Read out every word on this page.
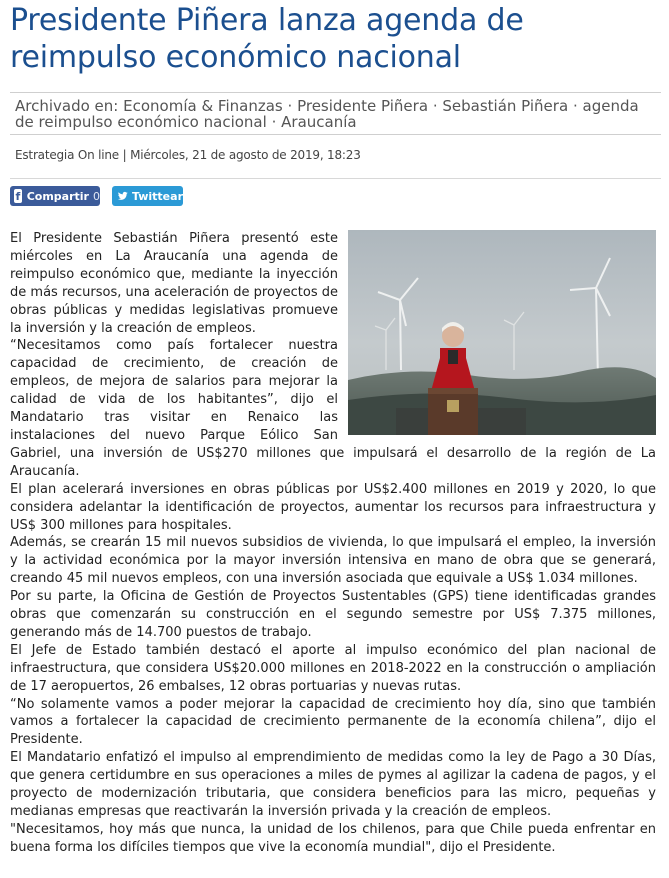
Presidente Piñera lanza agenda de reimpulso económico nacional
Archivado en: Economía & Finanzas · Presidente Piñera · Sebastián Piñera · agenda de reimpulso económico nacional · Araucanía
Estrategia On line | Miércoles, 21 de agosto de 2019, 18:23
f Compartir 0	Twittear

El Presidente Sebastián Piñera presentó este miércoles en La Araucanía una agenda de reimpulso económico que, mediante la inyección de más recursos, una aceleración de proyectos de obras públicas y medidas legislativas promueve la inversión y la creación de empleos.

“Necesitamos como país fortalecer nuestra capacidad de crecimiento, de creación de empleos, de mejora de salarios para mejorar la calidad de vida de los habitantes”, dijo el Mandatario tras visitar en Renaico las instalaciones del nuevo Parque Eólico San Gabriel, una inversión de US$270 millones que impulsará el desarrollo de la región de La Araucanía.

El plan acelerará inversiones en obras públicas por US$2.400 millones en 2019 y 2020, lo que considera adelantar la identificación de proyectos, aumentar los recursos para infraestructura y US$ 300 millones para hospitales.

Además, se crearán 15 mil nuevos subsidios de vivienda, lo que impulsará el empleo, la inversión y la actividad económica por la mayor inversión intensiva en mano de obra que se generará, creando 45 mil nuevos empleos, con una inversión asociada que equivale a US$ 1.034 millones.

Por su parte, la Oficina de Gestión de Proyectos Sustentables (GPS) tiene identificadas grandes obras que comenzarán su construcción en el segundo semestre por US$ 7.375 millones, generando más de 14.700 puestos de trabajo.

El Jefe de Estado también destacó el aporte al impulso económico del plan nacional de infraestructura, que considera US$20.000 millones en 2018-2022 en la construcción o ampliación de 17 aeropuertos, 26 embalses, 12 obras portuarias y nuevas rutas.

“No solamente vamos a poder mejorar la capacidad de crecimiento hoy día, sino que también vamos a fortalecer la capacidad de crecimiento permanente de la economía chilena”, dijo el Presidente.

El Mandatario enfatizó el impulso al emprendimiento de medidas como la ley de Pago a 30 Días, que genera certidumbre en sus operaciones a miles de pymes al agilizar la cadena de pagos, y el proyecto de modernización tributaria, que considera beneficios para las micro, pequeñas y medianas empresas que reactivarán la inversión privada y la creación de empleos.

"Necesitamos, hoy más que nunca, la unidad de los chilenos, para que Chile pueda enfrentar en buena forma los difíciles tiempos que vive la economía mundial", dijo el Presidente.
